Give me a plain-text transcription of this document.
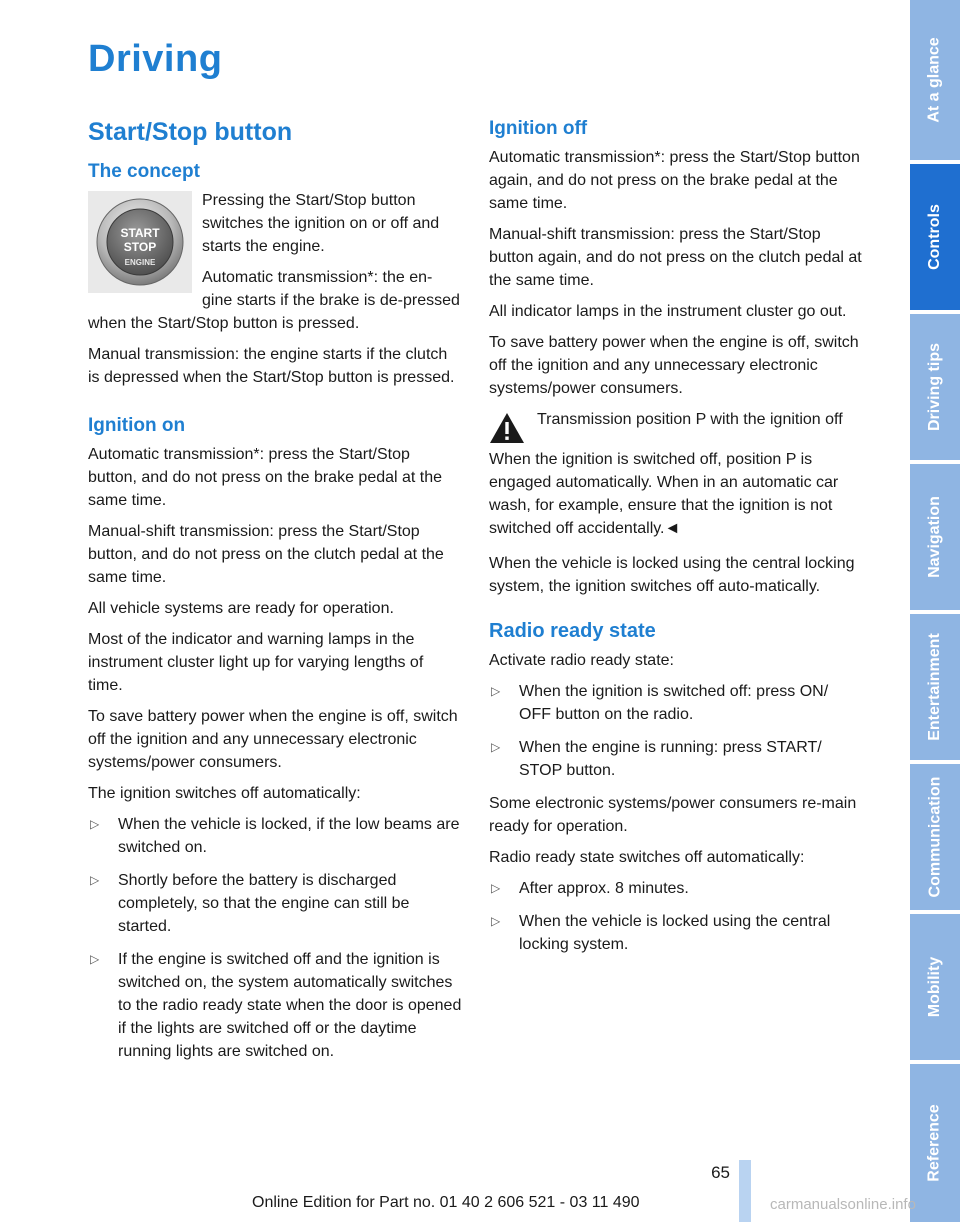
Driving
Start/Stop button
The concept
START
STOP
ENGINE

Pressing the Start/Stop button switches the ignition on or off and starts the engine.

Automatic transmission*: the en-gine starts if the brake is de-pressed when the Start/Stop button is pressed.

Manual transmission: the engine starts if the clutch is depressed when the Start/Stop button is pressed.

Ignition on

Automatic transmission*: press the Start/Stop button, and do not press on the brake pedal at the same time.

Manual-shift transmission: press the Start/Stop button, and do not press on the clutch pedal at the same time.

All vehicle systems are ready for operation.

Most of the indicator and warning lamps in the instrument cluster light up for varying lengths of time.

To save battery power when the engine is off, switch off the ignition and any unnecessary electronic systems/power consumers.

The ignition switches off automatically:

▷ When the vehicle is locked, if the low beams are switched on.
▷ Shortly before the battery is discharged completely, so that the engine can still be started.
▷ If the engine is switched off and the ignition is switched on, the system automatically switches to the radio ready state when the door is opened if the lights are switched off or the daytime running lights are switched on.
Ignition off

Automatic transmission*: press the Start/Stop button again, and do not press on the brake pedal at the same time.

Manual-shift transmission: press the Start/Stop button again, and do not press on the clutch pedal at the same time.

All indicator lamps in the instrument cluster go out.

To save battery power when the engine is off, switch off the ignition and any unnecessary electronic systems/power consumers.

Transmission position P with the ignition off

When the ignition is switched off, position P is engaged automatically. When in an automatic car wash, for example, ensure that the ignition is not switched off accidentally.◄

When the vehicle is locked using the central locking system, the ignition switches off auto-matically.

Radio ready state

Activate radio ready state:

▷ When the ignition is switched off: press ON/ OFF button on the radio.
▷ When the engine is running: press START/ STOP button.

Some electronic systems/power consumers re-main ready for operation.

Radio ready state switches off automatically:

▷ After approx. 8 minutes.
▷ When the vehicle is locked using the central locking system.
At a glance
Controls
Driving tips
Navigation
Entertainment
Communication
Mobility
Reference
65
Online Edition for Part no. 01 40 2 606 521 - 03 11 490	carmanualsonline.info
